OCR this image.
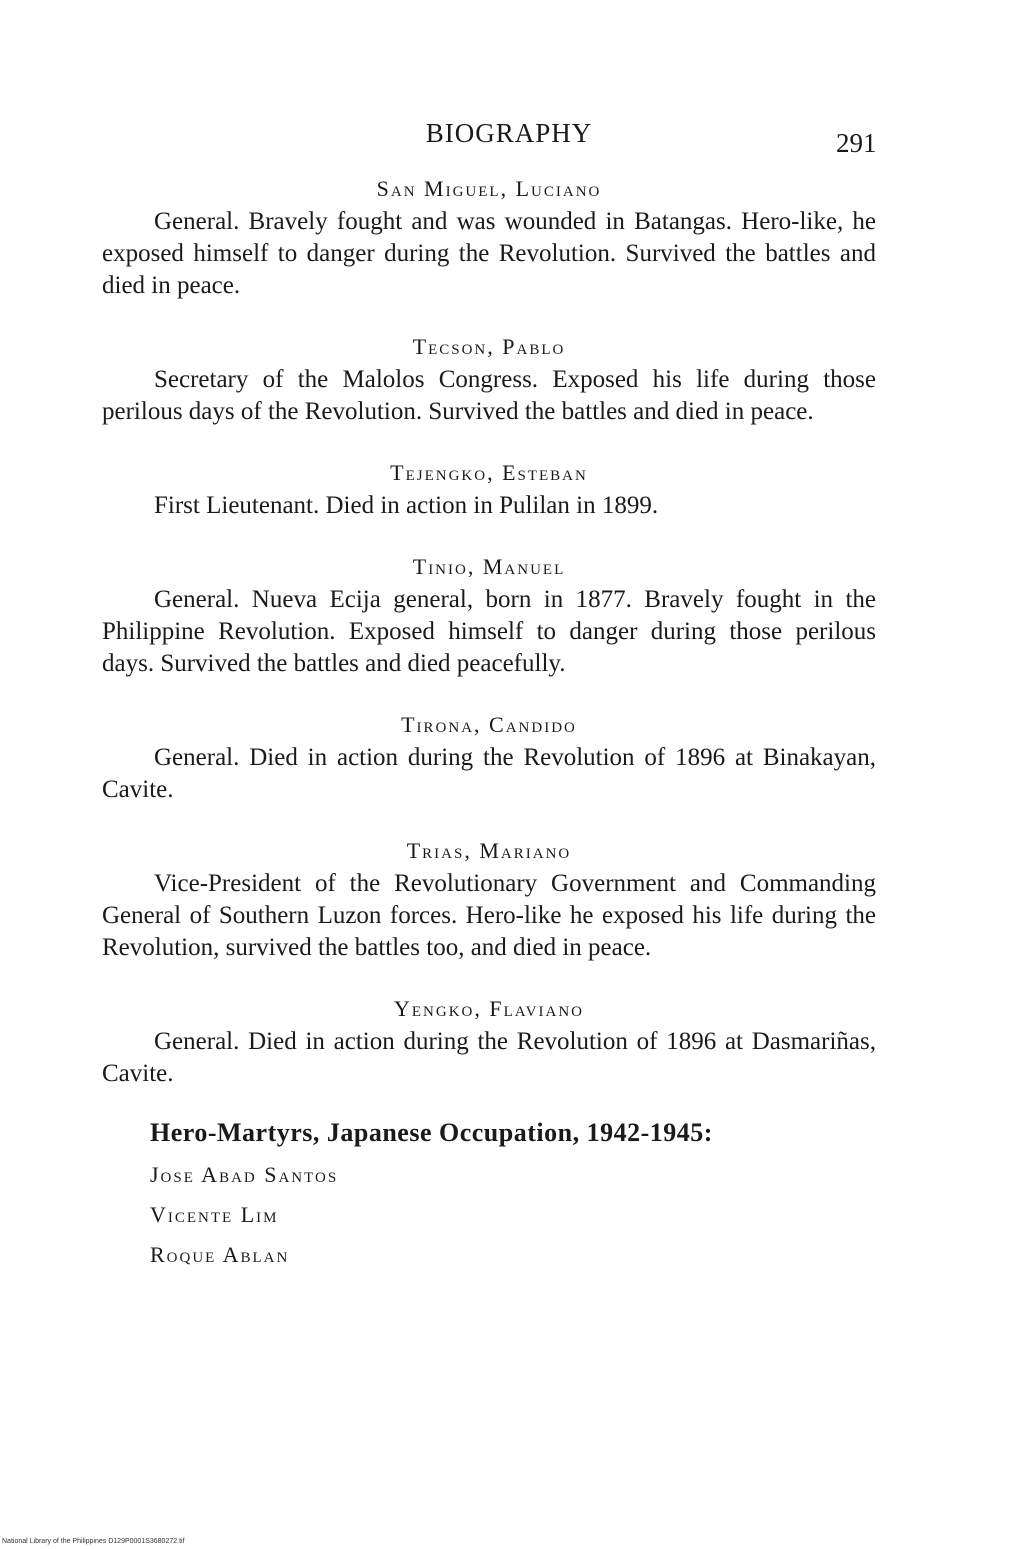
BIOGRAPHY	291

San Miguel, Luciano

General. Bravely fought and was wounded in Batangas. Hero-like, he exposed himself to danger during the Revolution. Survived the battles and died in peace.

Tecson, Pablo

Secretary of the Malolos Congress. Exposed his life during those perilous days of the Revolution. Survived the battles and died in peace.

Tejengko, Esteban

First Lieutenant. Died in action in Pulilan in 1899.

Tinio, Manuel

General. Nueva Ecija general, born in 1877. Bravely fought in the Philippine Revolution. Exposed himself to danger during those perilous days. Survived the battles and died peacefully.

Tirona, Candido

General. Died in action during the Revolution of 1896 at Binakayan, Cavite.

Trias, Mariano

Vice-President of the Revolutionary Government and Commanding General of Southern Luzon forces. Hero-like he exposed his life during the Revolution, survived the battles too, and died in peace.

Yengko, Flaviano

General. Died in action during the Revolution of 1896 at Dasmariñas, Cavite.

Hero-Martyrs, Japanese Occupation, 1942-1945:
Jose Abad Santos
Vicente Lim
Roque Ablan
National Library of the Philippines D129P0001S3680272.tif
